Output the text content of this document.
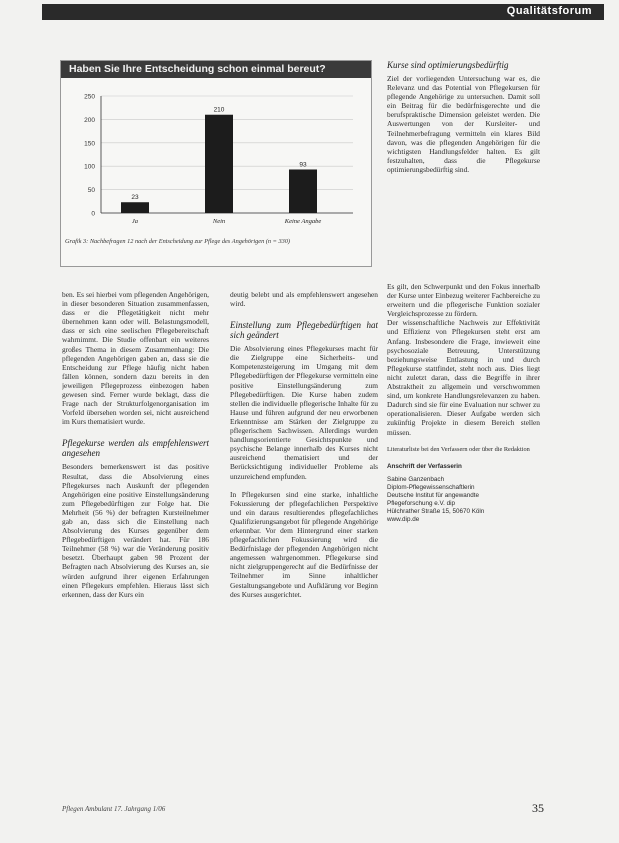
Qualitätsforum
Haben Sie Ihre Entscheidung schon einmal bereut?
250
200
150
100
50
0
23
Ja
210
Nein
93
Keine Angabe
Grafik 3: Nachbefragen 12 nach der Entscheidung zur Pflege des Angehörigen (n = 330)

ben. Es sei hierbei vom pflegenden Angehörigen, in dieser besonderen Situation zusammenfassen, dass er die Pflegetätigkeit nicht mehr übernehmen kann oder will. Belastungsmodell, dass er sich eine seelischen Pflegebereitschaft wahrnimmt. Die Studie offenbart ein weiteres großes Thema in diesem Zusammenhang: Die pflegenden Angehörigen gaben an, dass sie die Entscheidung zur Pflege häufig nicht haben fällen können, sondern dazu bereits in den jeweiligen Pflegeprozess einbezogen haben gewesen sind. Ferner wurde beklagt, dass die Frage nach der Strukturfolgenorganisation im Vorfeld übersehen worden sei, nicht ausreichend im Kurs thematisiert wurde.

Pflegekurse werden als empfehlenswert angesehen

Besonders bemerkenswert ist das positive Resultat, dass die Absolvierung eines Pflegekurses nach Auskunft der pflegenden Angehörigen eine positive Einstellungsänderung zum Pflegebedürftigen zur Folge hat. Die Mehrheit (56 %) der befragten Kursteilnehmer gab an, dass sich die Einstellung nach Absolvierung des Kurses gegenüber dem Pflegebedürftigen verändert hat. Für 186 Teilnehmer (58 %) war die Veränderung positiv besetzt. Überhaupt gaben 98 Prozent der Befragten nach Absolvierung des Kurses an, sie würden aufgrund ihrer eigenen Erfahrungen einen Pflegekurs empfehlen. Hieraus lässt sich erkennen, dass der Kurs ein

deutig belebt und als empfehlenswert angesehen wird.

Einstellung zum Pflegebedürftigen hat sich geändert

Die Absolvierung eines Pflegekurses macht für die Zielgruppe eine Sicherheits- und Kompetenzsteigerung im Umgang mit dem Pflegebedürftigen der Pflegekurse vermitteln eine positive Einstellungsänderung zum Pflegebedürftigen. Die Kurse haben zudem stellen die individuelle pflegerische Inhalte für zu Hause und führen aufgrund der neu erworbenen Erkenntnisse am Stärken der Zielgruppe zu pflegerischem Sachwissen. Allerdings wurden handlungsorientierte Gesichtspunkte und psychische Belange innerhalb des Kurses nicht ausreichend thematisiert und der Berücksichtigung individueller Probleme als unzureichend empfunden.

In Pflegekursen sind eine starke, inhaltliche Fokussierung der pflegefachlichen Perspektive und ein daraus resultierendes pflegefachliches Qualifizierungsangebot für pflegende Angehörige erkennbar. Vor dem Hintergrund einer starken pflegefachlichen Fokussierung wird die Bedürfnislage der pflegenden Angehörigen nicht angemessen wahrgenommen. Pflegekurse sind nicht zielgruppengerecht auf die Bedürfnisse der Teilnehmer im Sinne inhaltlicher Gestaltungsangebote und Aufklärung vor Beginn des Kurses ausgerichtet.

Kurse sind optimierungsbedürftig

Ziel der vorliegenden Untersuchung war es, die Relevanz und das Potential von Pflegekursen für pflegende Angehörige zu untersuchen. Damit soll ein Beitrag für die bedürfnisgerechte und die berufspraktische Dimension geleistet werden. Die Auswertungen von der Kursleiter- und Teilnehmerbefragung vermitteln ein klares Bild davon, was die pflegenden Angehörigen für die wichtigsten Handlungsfelder halten. Es gilt festzuhalten, dass die Pflegekurse optimierungsbedürftig sind.

Es gilt, den Schwerpunkt und den Fokus innerhalb der Kurse unter Einbezug weiterer Fachbereiche zu erweitern und die pflegerische Funktion sozialer Vergleichsprozesse zu fördern.

Der wissenschaftliche Nachweis zur Effektivität und Effizienz von Pflegekursen steht erst am Anfang. Insbesondere die Frage, inwieweit eine psychosoziale Betreuung, Unterstützung beziehungsweise Entlastung in und durch Pflegekurse stattfindet, steht noch aus. Dies liegt nicht zuletzt daran, dass die Begriffe in ihrer Abstraktheit zu allgemein und verschwommen sind, um konkrete Handlungsrelevanzen zu haben. Dadurch sind sie für eine Evaluation nur schwer zu operationalisieren. Dieser Aufgabe werden sich zukünftig Projekte in diesem Bereich stellen müssen.

Literaturliste bei den Verfassern oder über die Redaktion

Anschrift der Verfasserin

Sabine Ganzenbach

Diplom-Pflegewissenschaftlerin

Deutsche Institut für angewandte

Pflegeforschung e.V. dip

Hülchrather Straße 15, 50670 Köln

www.dip.de

Pflegen Ambulant 17. Jahrgang 1/06	35
